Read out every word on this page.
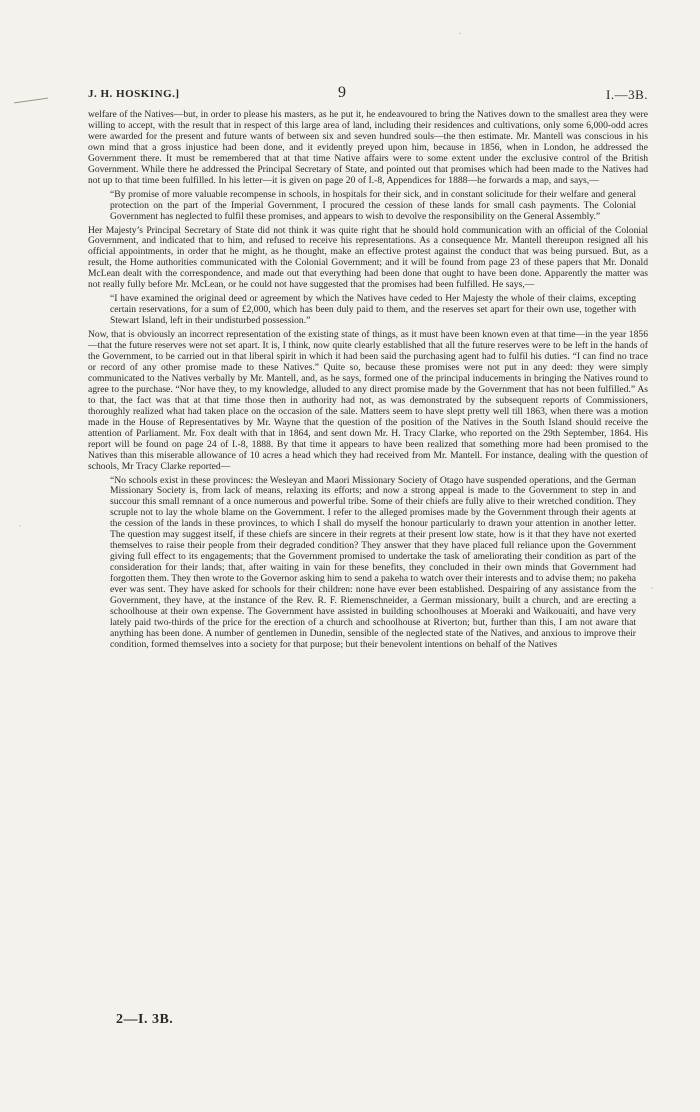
·
ˋ
ˋ
J. H. HOSKING.]	9	I.—3B.

welfare of the Natives—but, in order to please his masters, as he put it, he endeavoured to bring the Natives down to the smallest area they were willing to accept, with the result that in respect of this large area of land, including their residences and cultivations, only some 6,000-odd acres were awarded for the present and future wants of between six and seven hundred souls—the then estimate. Mr. Mantell was conscious in his own mind that a gross injustice had been done, and it evidently preyed upon him, because in 1856, when in London, he addressed the Government there. It must be remembered that at that time Native affairs were to some extent under the exclusive control of the British Government. While there he addressed the Principal Secretary of State, and pointed out that promises which had been made to the Natives had not up to that time been fulfilled. In his letter—it is given on page 20 of I.-8, Appendices for 1888—he forwards a map, and says,—

“By promise of more valuable recompense in schools, in hospitals for their sick, and in constant solicitude for their welfare and general protection on the part of the Imperial Government, I procured the cession of these lands for small cash payments. The Colonial Government has neglected to fulfil these promises, and appears to wish to devolve the responsibility on the General Assembly.”

Her Majesty’s Principal Secretary of State did not think it was quite right that he should hold communication with an official of the Colonial Government, and indicated that to him, and refused to receive his representations. As a consequence Mr. Mantell thereupon resigned all his official appointments, in order that he might, as he thought, make an effective protest against the conduct that was being pursued. But, as a result, the Home authorities communicated with the Colonial Government; and it will be found from page 23 of these papers that Mr. Donald McLean dealt with the correspondence, and made out that everything had been done that ought to have been done. Apparently the matter was not really fully before Mr. McLean, or he could not have suggested that the promises had been fulfilled. He says,—

“I have examined the original deed or agreement by which the Natives have ceded to Her Majesty the whole of their claims, excepting certain reservations, for a sum of £2,000, which has been duly paid to them, and the reserves set apart for their own use, together with Stewart Island, left in their undisturbed possession.”

Now, that is obviously an incorrect representation of the existing state of things, as it must have been known even at that time—in the year 1856—that the future reserves were not set apart. It is, I think, now quite clearly established that all the future reserves were to be left in the hands of the Government, to be carried out in that liberal spirit in which it had been said the purchasing agent had to fulfil his duties. “I can find no trace or record of any other promise made to these Natives.” Quite so, because these promises were not put in any deed: they were simply communicated to the Natives verbally by Mr. Mantell, and, as he says, formed one of the principal inducements in bringing the Natives round to agree to the purchase. “Nor have they, to my knowledge, alluded to any direct promise made by the Government that has not been fulfilled.” As to that, the fact was that at that time those then in authority had not, as was demonstrated by the subsequent reports of Commissioners, thoroughly realized what had taken place on the occasion of the sale. Matters seem to have slept pretty well till 1863, when there was a motion made in the House of Representatives by Mr. Wayne that the question of the position of the Natives in the South Island should receive the attention of Parliament. Mr. Fox dealt with that in 1864, and sent down Mr. H. Tracy Clarke, who reported on the 29th September, 1864. His report will be found on page 24 of I.-8, 1888. By that time it appears to have been realized that something more had been promised to the Natives than this miserable allowance of 10 acres a head which they had received from Mr. Mantell. For instance, dealing with the question of schools, Mr Tracy Clarke reported—

“No schools exist in these provinces: the Wesleyan and Maori Missionary Society of Otago have suspended operations, and the German Missionary Society is, from lack of means, relaxing its efforts; and now a strong appeal is made to the Government to step in and succour this small remnant of a once numerous and powerful tribe. Some of their chiefs are fully alive to their wretched condition. They scruple not to lay the whole blame on the Government. I refer to the alleged promises made by the Government through their agents at the cession of the lands in these provinces, to which I shall do myself the honour particularly to drawn your attention in another letter. The question may suggest itself, if these chiefs are sincere in their regrets at their present low state, how is it that they have not exerted themselves to raise their people from their degraded condition? They answer that they have placed full reliance upon the Government giving full effect to its engagements; that the Government promised to undertake the task of ameliorating their condition as part of the consideration for their lands; that, after waiting in vain for these benefits, they concluded in their own minds that Government had forgotten them. They then wrote to the Governor asking him to send a pakeha to watch over their interests and to advise them; no pakeha ever was sent. They have asked for schools for their children: none have ever been established. Despairing of any assistance from the Government, they have, at the instance of the Rev. R. F. Riemenschneider, a German missionary, built a church, and are erecting a schoolhouse at their own expense. The Government have assisted in building schoolhouses at Moeraki and Waikouaiti, and have very lately paid two-thirds of the price for the erection of a church and schoolhouse at Riverton; but, further than this, I am not aware that anything has been done. A number of gentlemen in Dunedin, sensible of the neglected state of the Natives, and anxious to improve their condition, formed themselves into a society for that purpose; but their benevolent intentions on behalf of the Natives

2—I. 3B.
